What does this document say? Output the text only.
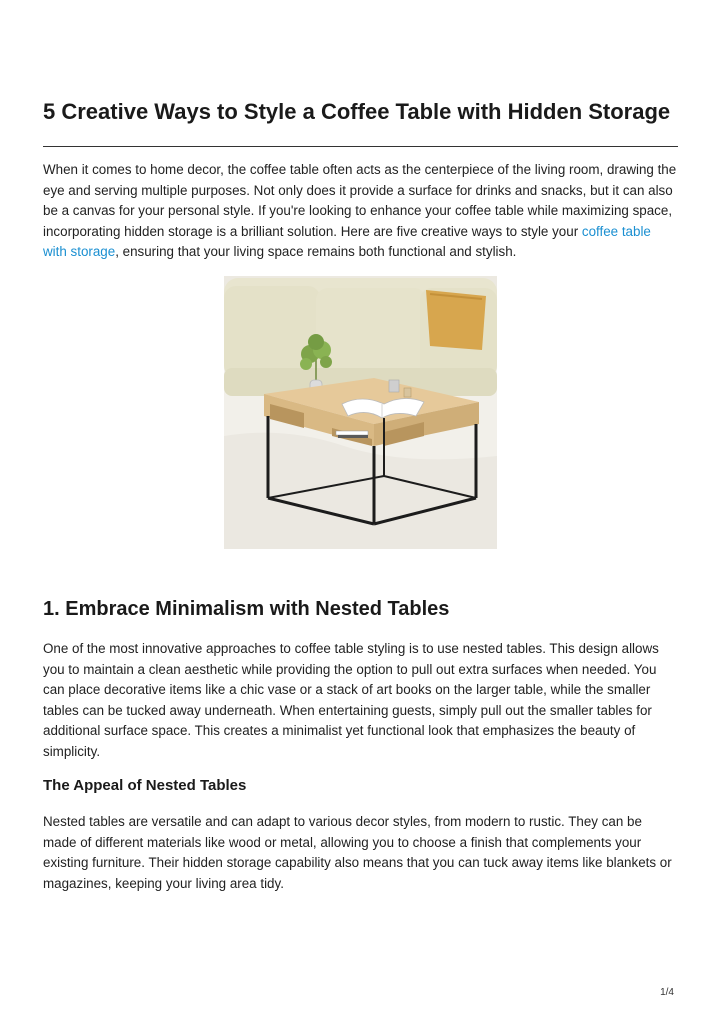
5 Creative Ways to Style a Coffee Table with Hidden Storage

When it comes to home decor, the coffee table often acts as the centerpiece of the living room, drawing the eye and serving multiple purposes. Not only does it provide a surface for drinks and snacks, but it can also be a canvas for your personal style. If you're looking to enhance your coffee table while maximizing space, incorporating hidden storage is a brilliant solution. Here are five creative ways to style your coffee table with storage, ensuring that your living space remains both functional and stylish.

1. Embrace Minimalism with Nested Tables

One of the most innovative approaches to coffee table styling is to use nested tables. This design allows you to maintain a clean aesthetic while providing the option to pull out extra surfaces when needed. You can place decorative items like a chic vase or a stack of art books on the larger table, while the smaller tables can be tucked away underneath. When entertaining guests, simply pull out the smaller tables for additional surface space. This creates a minimalist yet functional look that emphasizes the beauty of simplicity.

The Appeal of Nested Tables

Nested tables are versatile and can adapt to various decor styles, from modern to rustic. They can be made of different materials like wood or metal, allowing you to choose a finish that complements your existing furniture. Their hidden storage capability also means that you can tuck away items like blankets or magazines, keeping your living area tidy.

1/4
